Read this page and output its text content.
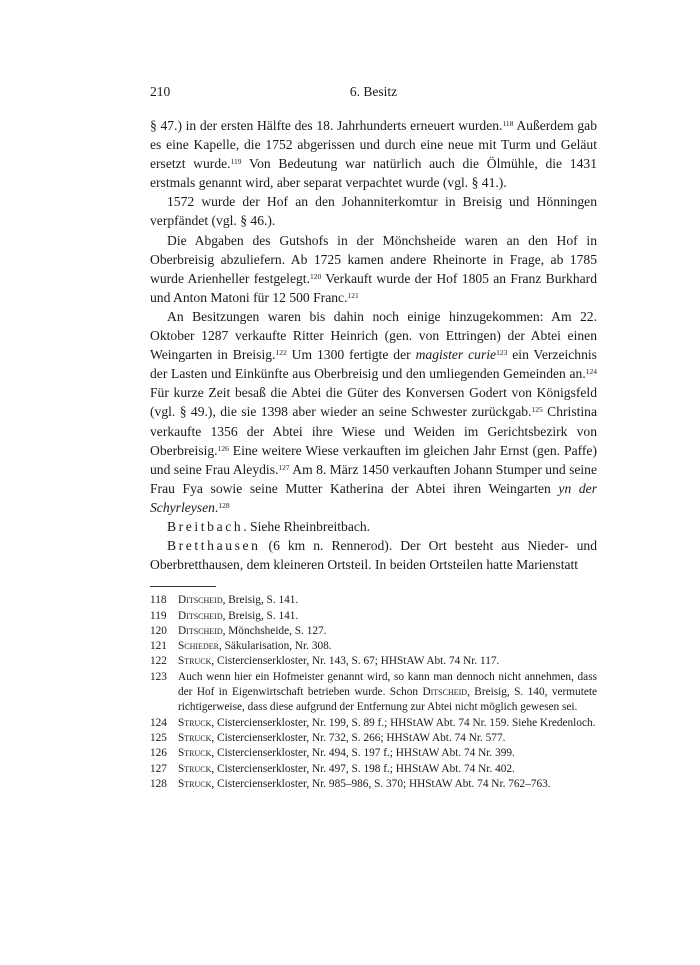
6. Besitz
210

§ 47.) in der ersten Hälfte des 18. Jahrhunderts erneuert wurden.$^{118}$ Außerdem gab es eine Kapelle, die 1752 abgerissen und durch eine neue mit Turm und Geläut ersetzt wurde.$^{119}$ Von Bedeutung war natürlich auch die Ölmühle, die 1431 erstmals genannt wird, aber separat verpachtet wurde (vgl. § 41.).

1572 wurde der Hof an den Johanniterkomtur in Breisig und Hönningen verpfändet (vgl. § 46.).

Die Abgaben des Gutshofs in der Mönchsheide waren an den Hof in Oberbreisig abzuliefern. Ab 1725 kamen andere Rheinorte in Frage, ab 1785 wurde Arienheller festgelegt.$^{120}$ Verkauft wurde der Hof 1805 an Franz Burkhard und Anton Matoni für 12 500 Franc.$^{121}$

An Besitzungen waren bis dahin noch einige hinzugekommen: Am 22. Oktober 1287 verkaufte Ritter Heinrich (gen. von Ettringen) der Abtei einen Weingarten in Breisig.$^{122}$ Um 1300 fertigte der magister curie$^{123}$ ein Verzeichnis der Lasten und Einkünfte aus Oberbreisig und den umliegenden Gemeinden an.$^{124}$ Für kurze Zeit besaß die Abtei die Güter des Konversen Godert von Königsfeld (vgl. § 49.), die sie 1398 aber wieder an seine Schwester zurückgab.$^{125}$ Christina verkaufte 1356 der Abtei ihre Wiese und Weiden im Gerichtsbezirk von Oberbreisig.$^{126}$ Eine weitere Wiese verkauften im gleichen Jahr Ernst (gen. Paffe) und seine Frau Aleydis.$^{127}$ Am 8. März 1450 verkauften Johann Stumper und seine Frau Fya sowie seine Mutter Katherina der Abtei ihren Weingarten yn der Schyrleysen.$^{128}$

Breitbach. Siehe Rheinbreitbach.

Bretthausen (6 km n. Rennerod). Der Ort besteht aus Nieder- und Oberbretthausen, dem kleineren Ortsteil. In beiden Ortsteilen hatte Marienstatt

118	Ditscheid, Breisig, S. 141.
119	Ditscheid, Breisig, S. 141.
120 Ditscheid, Mönchsheide, S. 127.
121 Schieder, Säkularisation, Nr. 308.
122 Struck, Cistercienserkloster, Nr. 143, S. 67; HHStAW Abt. 74 Nr. 117.
123 Auch wenn hier ein Hofmeister genannt wird, so kann man dennoch nicht annehmen, dass der Hof in Eigenwirtschaft betrieben wurde. Schon Ditscheid, Breisig, S. 140, vermutete richtigerweise, dass diese aufgrund der Entfernung zur Abtei nicht möglich gewesen sei.
124 Struck, Cistercienserkloster, Nr. 199, S. 89 f.; HHStAW Abt. 74 Nr. 159. Siehe Kredenloch.
125 Struck, Cistercienserkloster, Nr. 732, S. 266; HHStAW Abt. 74 Nr. 577.
126 Struck, Cistercienserkloster, Nr. 494, S. 197 f.; HHStAW Abt. 74 Nr. 399.
127 Struck, Cistercienserkloster, Nr. 497, S. 198 f.; HHStAW Abt. 74 Nr. 402.
128 Struck, Cistercienserkloster, Nr. 985–986, S. 370; HHStAW Abt. 74 Nr. 762–763.
